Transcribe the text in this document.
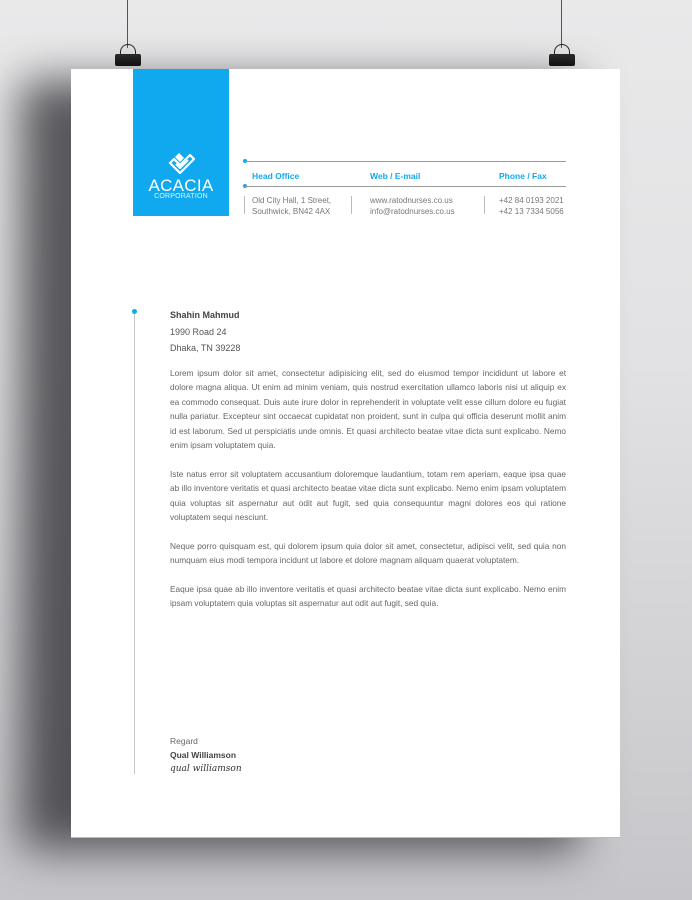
ACACIA
CORPORATION
Head Office	Web / E-mail	Phone / Fax
Old City Hall, 1 Street,
Southwick, BN42 4AX
www.ratodnurses.co.us
info@ratodnurses.co.us
+42 84 0193 2021
+42 13 7334 5056
Shahin Mahmud
1990 Road 24
Dhaka, TN 39228

Lorem ipsum dolor sit amet, consectetur adipisicing elit, sed do eiusmod tempor incididunt ut labore et dolore magna aliqua. Ut enim ad minim veniam, quis nostrud exercitation ullamco laboris nisi ut aliquip ex ea commodo consequat. Duis aute irure dolor in reprehenderit in voluptate velit esse cillum dolore eu fugiat nulla pariatur. Excepteur sint occaecat cupidatat non proident, sunt in culpa qui officia deserunt mollit anim id est laborum. Sed ut perspiciatis unde omnis. Et quasi architecto beatae vitae dicta sunt explicabo. Nemo enim ipsam voluptatem quia.

Iste natus error sit voluptatem accusantium doloremque laudantium, totam rem aperiam, eaque ipsa quae ab illo inventore veritatis et quasi architecto beatae vitae dicta sunt explicabo. Nemo enim ipsam voluptatem quia voluptas sit aspernatur aut odit aut fugit, sed quia consequuntur magni dolores eos qui ratione voluptatem sequi nesciunt.

Neque porro quisquam est, qui dolorem ipsum quia dolor sit amet, consectetur, adipisci velit, sed quia non numquam eius modi tempora incidunt ut labore et dolore magnam aliquam quaerat voluptatem.

Eaque ipsa quae ab illo inventore veritatis et quasi architecto beatae vitae dicta sunt explicabo. Nemo enim ipsam voluptatem quia voluptas sit aspernatur aut odit aut fugit, sed quia.

Regard
Qual Williamson
qual williamson
